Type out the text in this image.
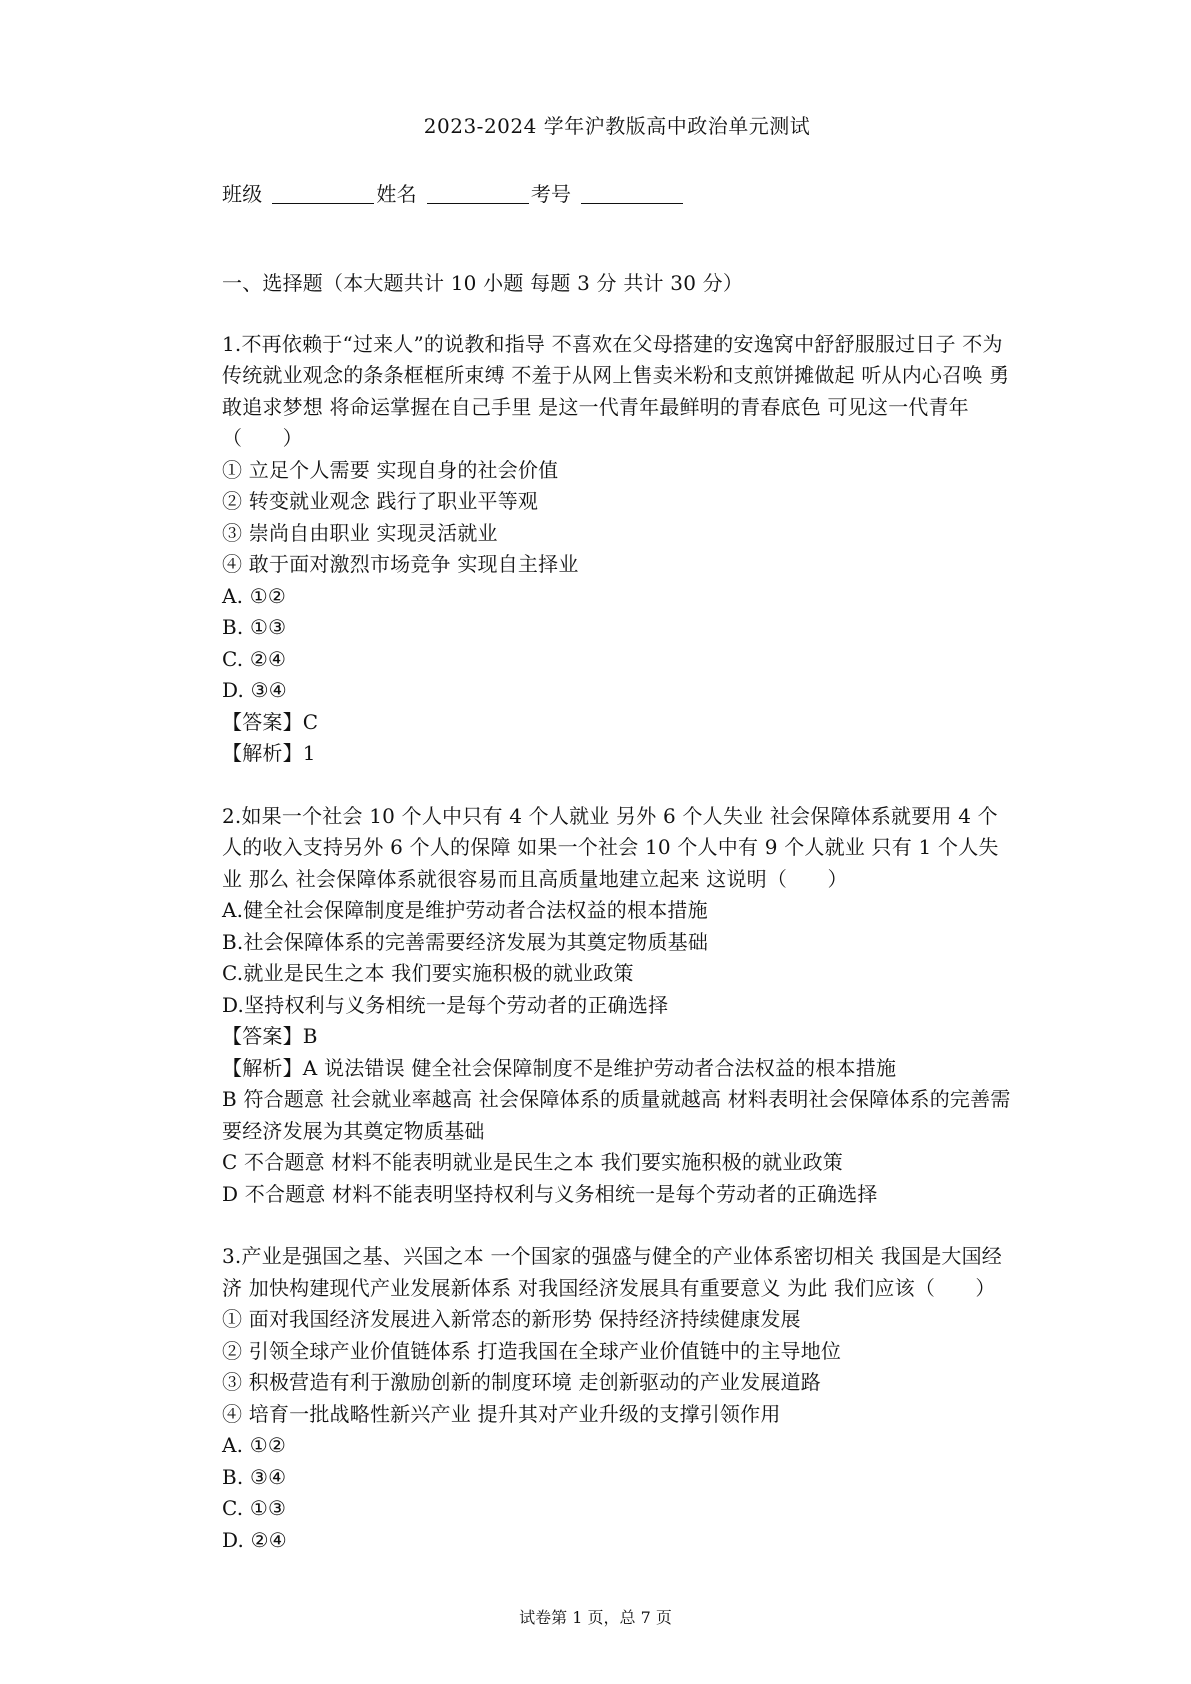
2023-2024 学年沪教版高中政治单元测试
班级	姓名	考号
一、选择题（本大题共计 10 小题 每题 3 分 共计 30 分）

1.不再依赖于“过来人”的说教和指导 不喜欢在父母搭建的安逸窝中舒舒服服过日子 不为传统就业观念的条条框框所束缚 不羞于从网上售卖米粉和支煎饼摊做起 听从内心召唤 勇敢追求梦想 将命运掌握在自己手里 是这一代青年最鲜明的青春底色 可见这一代青年（　　）

① 立足个人需要 实现自身的社会价值

② 转变就业观念 践行了职业平等观

③ 崇尚自由职业 实现灵活就业

④ 敢于面对激烈市场竞争 实现自主择业

A. ①②

B. ①③

C. ②④

D. ③④

【答案】C

【解析】1

2.如果一个社会 10 个人中只有 4 个人就业 另外 6 个人失业 社会保障体系就要用 4 个人的收入支持另外 6 个人的保障 如果一个社会 10 个人中有 9 个人就业 只有 1 个人失业 那么 社会保障体系就很容易而且高质量地建立起来 这说明（　　）

A.健全社会保障制度是维护劳动者合法权益的根本措施

B.社会保障体系的完善需要经济发展为其奠定物质基础

C.就业是民生之本 我们要实施积极的就业政策

D.坚持权利与义务相统一是每个劳动者的正确选择

【答案】B

【解析】A 说法错误 健全社会保障制度不是维护劳动者合法权益的根本措施

B 符合题意 社会就业率越高 社会保障体系的质量就越高 材料表明社会保障体系的完善需要经济发展为其奠定物质基础

C 不合题意 材料不能表明就业是民生之本 我们要实施积极的就业政策

D 不合题意 材料不能表明坚持权利与义务相统一是每个劳动者的正确选择

3.产业是强国之基、兴国之本 一个国家的强盛与健全的产业体系密切相关 我国是大国经济 加快构建现代产业发展新体系 对我国经济发展具有重要意义 为此 我们应该（　　）

① 面对我国经济发展进入新常态的新形势 保持经济持续健康发展

② 引领全球产业价值链体系 打造我国在全球产业价值链中的主导地位

③ 积极营造有利于激励创新的制度环境 走创新驱动的产业发展道路

④ 培育一批战略性新兴产业 提升其对产业升级的支撑引领作用

A. ①②

B. ③④

C. ①③

D. ②④

试卷第 1 页，总 7 页
